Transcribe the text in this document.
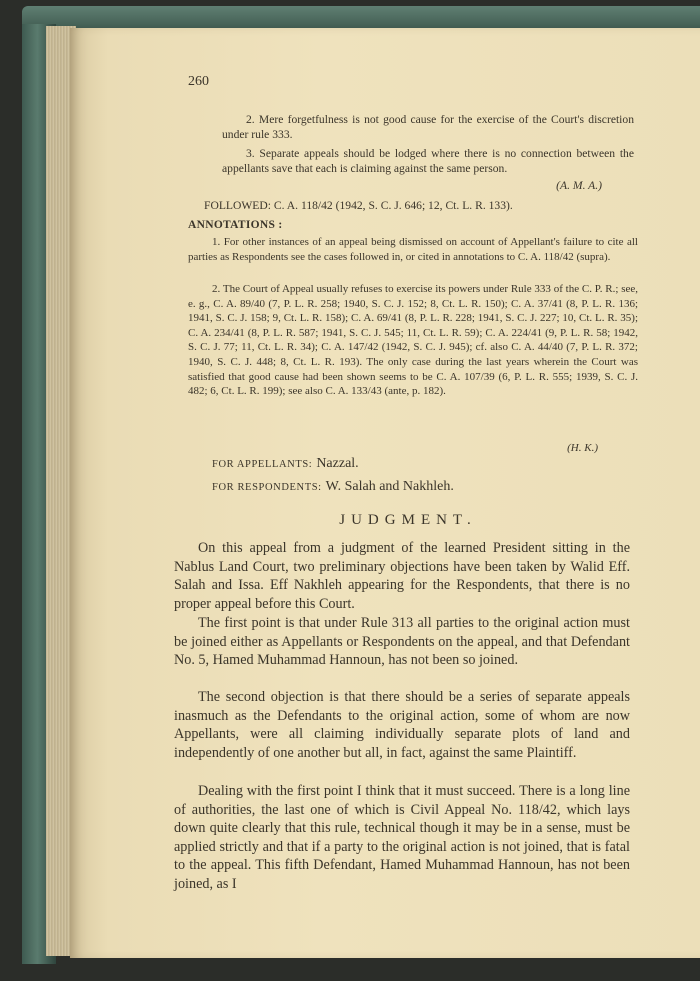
260

2. Mere forgetfulness is not good cause for the exercise of the Court's discretion under rule 333.

3. Separate appeals should be lodged where there is no connection between the appellants save that each is claiming against the same person.

(A. M. A.)

FOLLOWED: C. A. 118/42 (1942, S. C. J. 646; 12, Ct. L. R. 133).
ANNOTATIONS :

1. For other instances of an appeal being dismissed on account of Appellant's failure to cite all parties as Respondents see the cases followed in, or cited in annotations to C. A. 118/42 (supra).

2. The Court of Appeal usually refuses to exercise its powers under Rule 333 of the C. P. R.; see, e. g., C. A. 89/40 (7, P. L. R. 258; 1940, S. C. J. 152; 8, Ct. L. R. 150); C. A. 37/41 (8, P. L. R. 136; 1941, S. C. J. 158; 9, Ct. L. R. 158); C. A. 69/41 (8, P. L. R. 228; 1941, S. C. J. 227; 10, Ct. L. R. 35); C. A. 234/41 (8, P. L. R. 587; 1941, S. C. J. 545; 11, Ct. L. R. 59); C. A. 224/41 (9, P. L. R. 58; 1942, S. C. J. 77; 11, Ct. L. R. 34); C. A. 147/42 (1942, S. C. J. 945); cf. also C. A. 44/40 (7, P. L. R. 372; 1940, S. C. J. 448; 8, Ct. L. R. 193). The only case during the last years wherein the Court was satisfied that good cause had been shown seems to be C. A. 107/39 (6, P. L. R. 555; 1939, S. C. J. 482; 6, Ct. L. R. 199); see also C. A. 133/43 (ante, p. 182).

(H. K.)

FOR APPELLANTS: Nazzal.
FOR RESPONDENTS: W. Salah and Nakhleh.
JUDGMENT.

On this appeal from a judgment of the learned President sitting in the Nablus Land Court, two preliminary objections have been taken by Walid Eff. Salah and Issa. Eff Nakhleh appearing for the Respondents, that there is no proper appeal before this Court.

The first point is that under Rule 313 all parties to the original action must be joined either as Appellants or Respondents on the appeal, and that Defendant No. 5, Hamed Muhammad Hannoun, has not been so joined.

The second objection is that there should be a series of separate appeals inasmuch as the Defendants to the original action, some of whom are now Appellants, were all claiming individually separate plots of land and independently of one another but all, in fact, against the same Plaintiff.

Dealing with the first point I think that it must succeed. There is a long line of authorities, the last one of which is Civil Appeal No. 118/42, which lays down quite clearly that this rule, technical though it may be in a sense, must be applied strictly and that if a party to the original action is not joined, that is fatal to the appeal. This fifth Defendant, Hamed Muhammad Hannoun, has not been joined, as I
